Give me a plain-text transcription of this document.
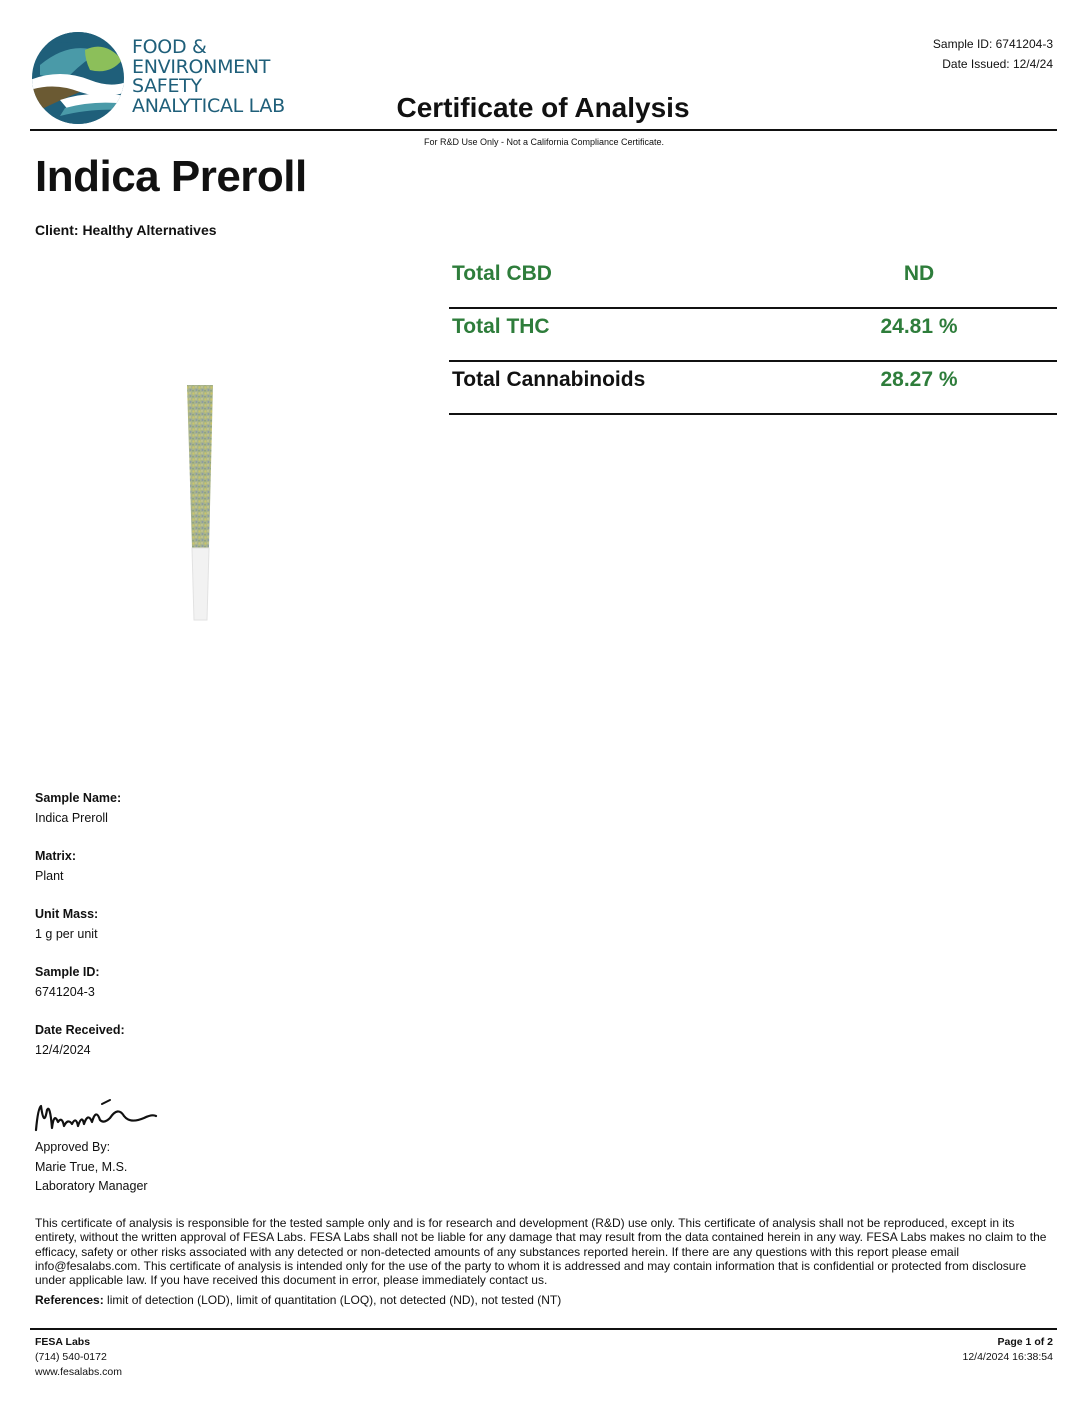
FOOD &
ENVIRONMENT
SAFETY
ANALYTICAL LAB
Sample ID: 6741204-3
Date Issued: 12/4/24
Certificate of Analysis
For R&D Use Only - Not a California Compliance Certificate.
Indica Preroll
Client: Healthy Alternatives
Total CBD	ND
Total THC	24.81 %
Total Cannabinoids	28.27 %
Sample Name:
Indica Preroll
Matrix:
Plant
Unit Mass:
1 g per unit
Sample ID:
6741204-3
Date Received:
12/4/2024
Approved By:
Marie True, M.S.
Laboratory Manager
This certificate of analysis is responsible for the tested sample only and is for research and development (R&D) use only. This certificate of analysis shall not be reproduced, except in its entirety, without the written approval of FESA Labs. FESA Labs shall not be liable for any damage that may result from the data contained herein in any way. FESA Labs makes no claim to the efficacy, safety or other risks associated with any detected or non-detected amounts of any substances reported herein. If there are any questions with this report please email info@fesalabs.com. This certificate of analysis is intended only for the use of the party to whom it is addressed and may contain information that is confidential or protected from disclosure under applicable law. If you have received this document in error, please immediately contact us.
References: limit of detection (LOD), limit of quantitation (LOQ), not detected (ND), not tested (NT)
FESA Labs
(714) 540-0172
www.fesalabs.com
Page 1 of 2
12/4/2024 16:38:54
